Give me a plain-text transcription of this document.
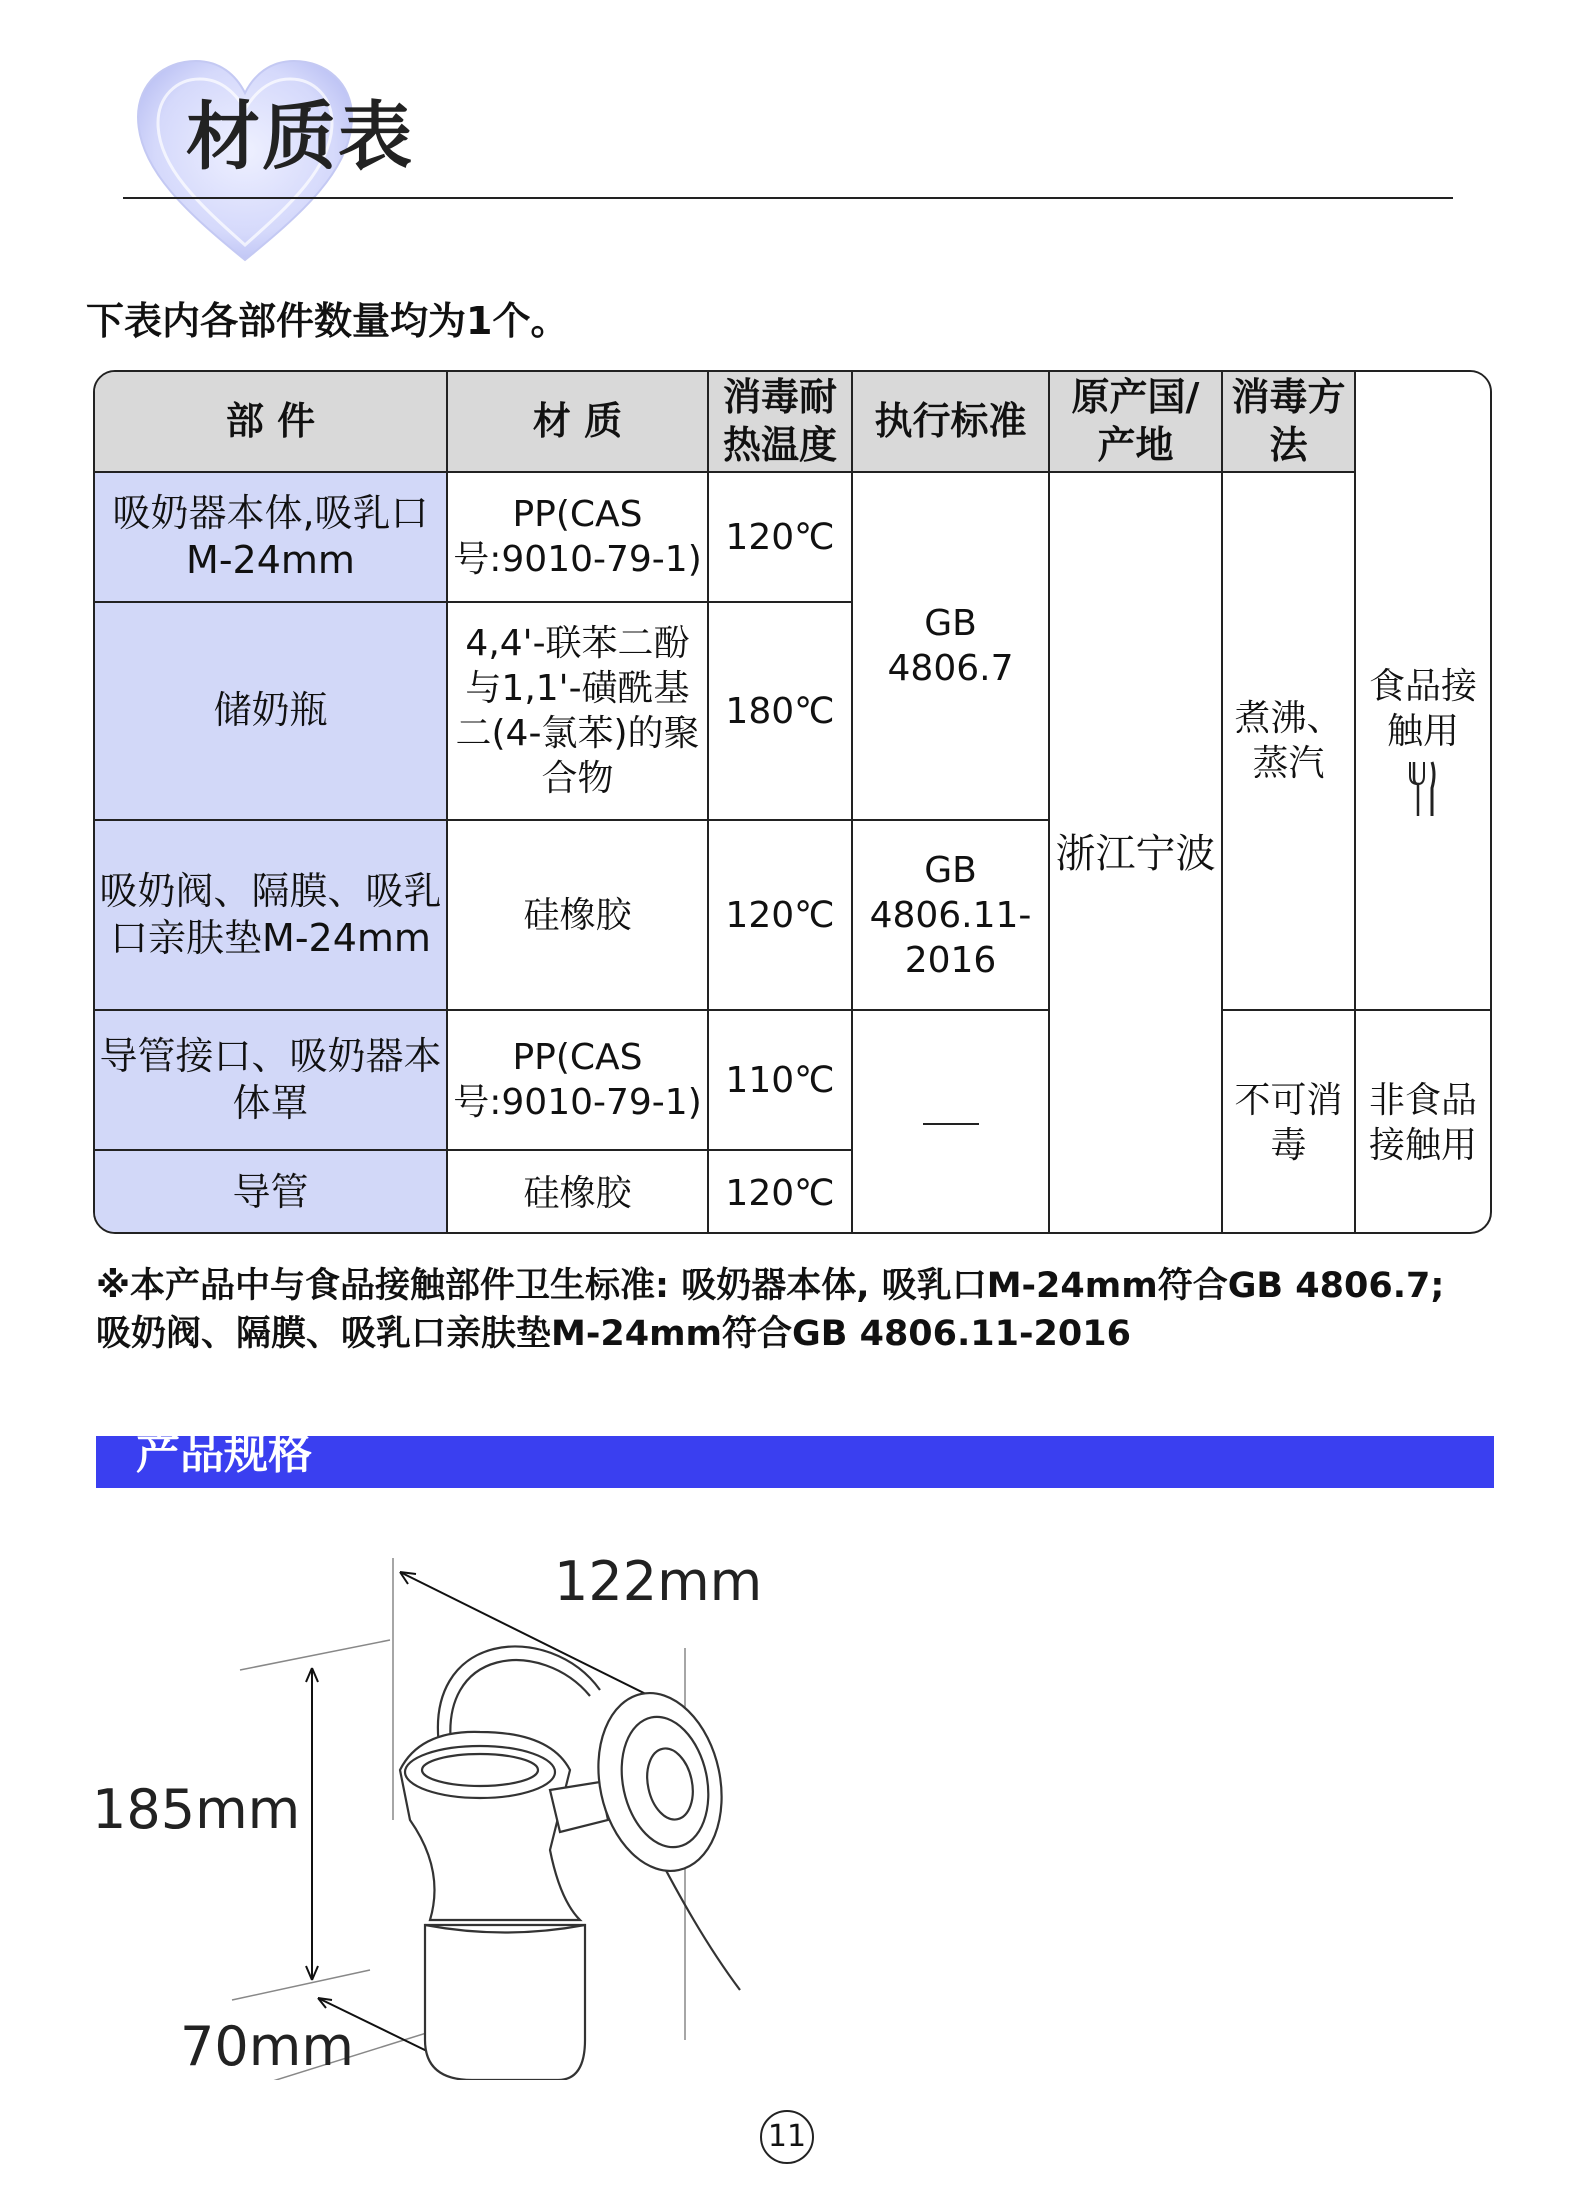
材质表
下表内各部件数量均为1个。
部 件	材 质	消毒耐热温度	执行标准	原产国/产地	消毒方法	
吸奶器本体,吸乳口M-24mm	PP(CAS号:9010-79-1)	120℃	GB 4806.7	浙江宁波	煮沸、蒸汽	食品接触用

储奶瓶	4,4'-联苯二酚与1,1'-磺酰基二(4-氯苯)的聚合物	180℃				
吸奶阀、隔膜、吸乳口亲肤垫M-24mm	硅橡胶	120℃	GB 4806.11-2016			
导管接口、吸奶器本体罩	PP(CAS号:9010-79-1)	110℃			不可消毒	非食品接触用
导管	硅橡胶	120℃				
※本产品中与食品接触部件卫生标准: 吸奶器本体, 吸乳口M-24mm符合GB 4806.7;
吸奶阀、隔膜、吸乳口亲肤垫M-24mm符合GB 4806.11-2016
产品规格
122mm
185mm
70mm
11
